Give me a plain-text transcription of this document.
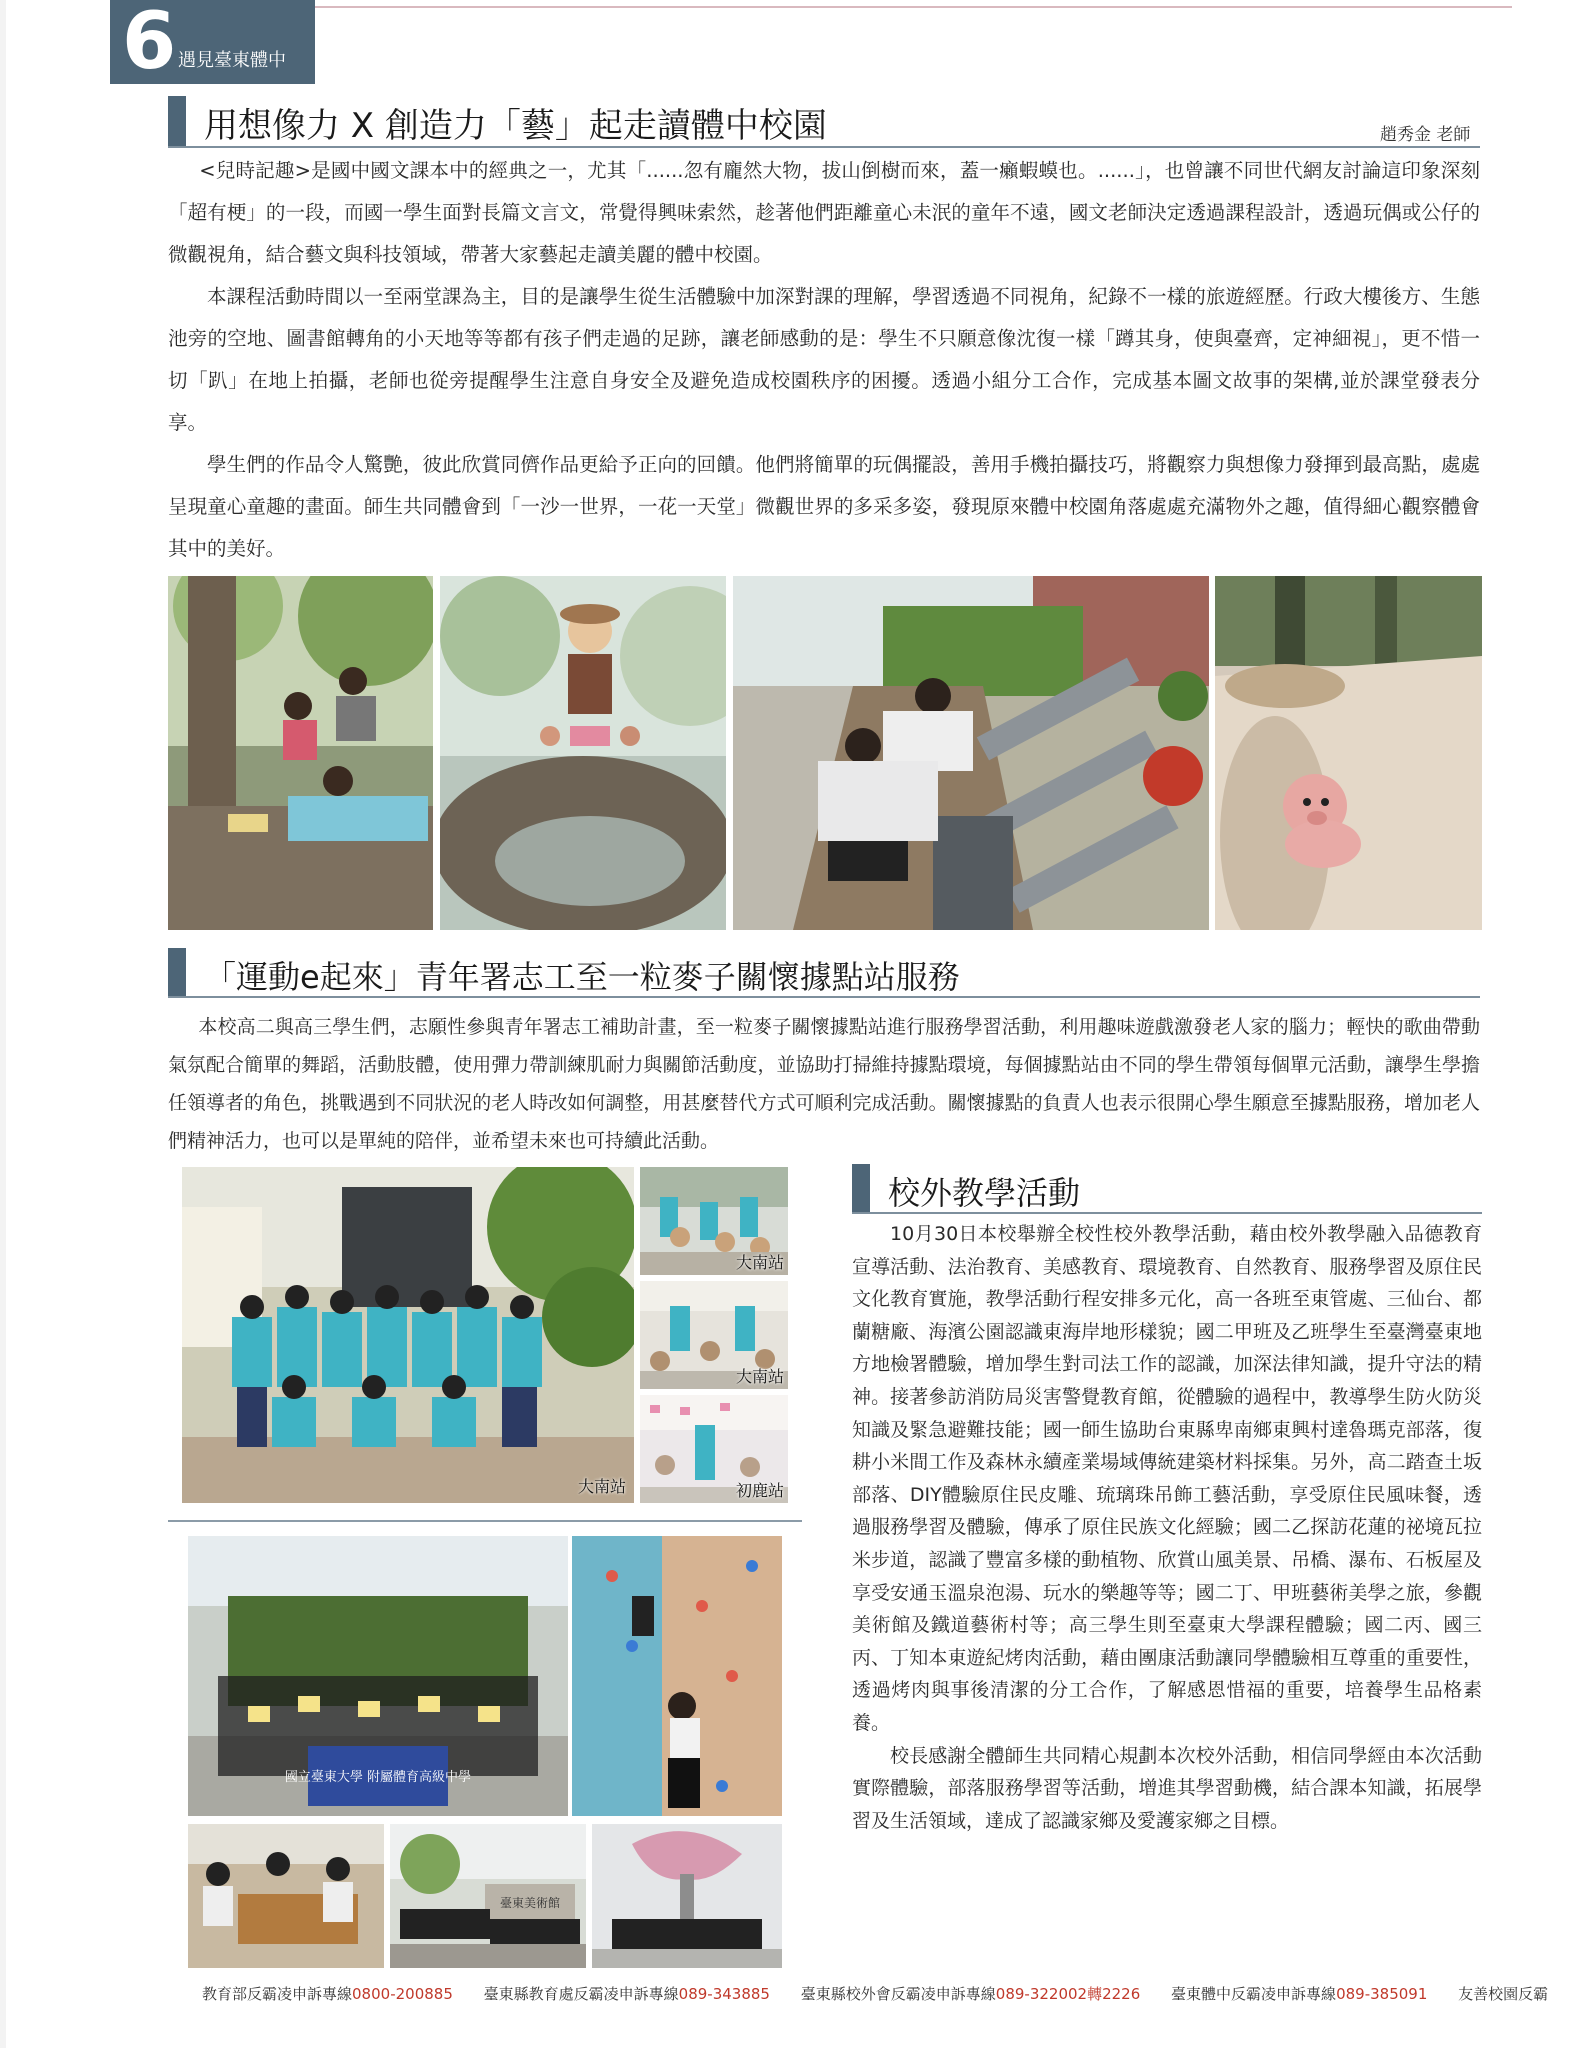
6 遇見臺東體中
用想像力 X 創造力「藝」起走讀體中校園	趙秀金 老師

<兒時記趣>是國中國文課本中的經典之一，尤其「......忽有龐然大物，拔山倒樹而來，蓋一癩蝦蟆也。......」，也曾讓不同世代網友討論這印象深刻「超有梗」的一段，而國一學生面對長篇文言文，常覺得興味索然，趁著他們距離童心未泯的童年不遠，國文老師決定透過課程設計，透過玩偶或公仔的微觀視角，結合藝文與科技領域，帶著大家藝起走讀美麗的體中校園。

本課程活動時間以一至兩堂課為主，目的是讓學生從生活體驗中加深對課的理解，學習透過不同視角，紀錄不一樣的旅遊經歷。行政大樓後方、生態池旁的空地、圖書館轉角的小天地等等都有孩子們走過的足跡，讓老師感動的是：學生不只願意像沈復一樣「蹲其身，使與臺齊，定神細視」，更不惜一切「趴」在地上拍攝，老師也從旁提醒學生注意自身安全及避免造成校園秩序的困擾。透過小組分工合作，完成基本圖文故事的架構,並於課堂發表分享。

學生們的作品令人驚艷，彼此欣賞同儕作品更給予正向的回饋。他們將簡單的玩偶擺設，善用手機拍攝技巧，將觀察力與想像力發揮到最高點，處處呈現童心童趣的畫面。師生共同體會到「一沙一世界，一花一天堂」微觀世界的多采多姿，發現原來體中校園角落處處充滿物外之趣，值得細心觀察體會其中的美好。

「運動e起來」青年署志工至一粒麥子關懷據點站服務

本校高二與高三學生們，志願性參與青年署志工補助計畫，至一粒麥子關懷據點站進行服務學習活動，利用趣味遊戲激發老人家的腦力；輕快的歌曲帶動氣氛配合簡單的舞蹈，活動肢體，使用彈力帶訓練肌耐力與關節活動度，並協助打掃維持據點環境，每個據點站由不同的學生帶領每個單元活動，讓學生學擔任領導者的角色，挑戰遇到不同狀況的老人時改如何調整，用甚麼替代方式可順利完成活動。關懷據點的負責人也表示很開心學生願意至據點服務，增加老人們精神活力，也可以是單純的陪伴，並希望未來也可持續此活動。

大南站
大南站
大南站
初鹿站
國立臺東大學 附屬體育高級中學
臺東美術館
校外教學活動

10月30日本校舉辦全校性校外教學活動，藉由校外教學融入品德教育宣導活動、法治教育、美感教育、環境教育、自然教育、服務學習及原住民文化教育實施，教學活動行程安排多元化，高一各班至東管處、三仙台、都蘭糖廠、海濱公園認識東海岸地形樣貌；國二甲班及乙班學生至臺灣臺東地方地檢署體驗，增加學生對司法工作的認識，加深法律知識，提升守法的精神。接著參訪消防局災害警覺教育館，從體驗的過程中，教導學生防火防災知識及緊急避難技能；國一師生協助台東縣卑南鄉東興村達魯瑪克部落，復耕小米間工作及森林永續產業場域傳統建築材料採集。另外，高二踏查土坂部落、DIY體驗原住民皮雕、琉璃珠吊飾工藝活動，享受原住民風味餐，透過服務學習及體驗，傳承了原住民族文化經驗；國二乙探訪花蓮的祕境瓦拉米步道，認識了豐富多樣的動植物、欣賞山風美景、吊橋、瀑布、石板屋及享受安通玉溫泉泡湯、玩水的樂趣等等；國二丁、甲班藝術美學之旅，參觀美術館及鐵道藝術村等；高三學生則至臺東大學課程體驗；國二丙、國三丙、丁知本東遊紀烤肉活動，藉由團康活動讓同學體驗相互尊重的重要性，透過烤肉與事後清潔的分工合作，了解感恩惜福的重要，培養學生品格素養。

校長感謝全體師生共同精心規劃本次校外活動，相信同學經由本次活動實際體驗，部落服務學習等活動，增進其學習動機，結合課本知識，拓展學習及生活領域，達成了認識家鄉及愛護家鄉之目標。

教育部反霸凌申訴專線0800-200885 臺東縣教育處反霸凌申訴專線089-343885 臺東縣校外會反霸凌申訴專線089-322002轉2226 臺東體中反霸凌申訴專線089-385091 友善校園反霸
